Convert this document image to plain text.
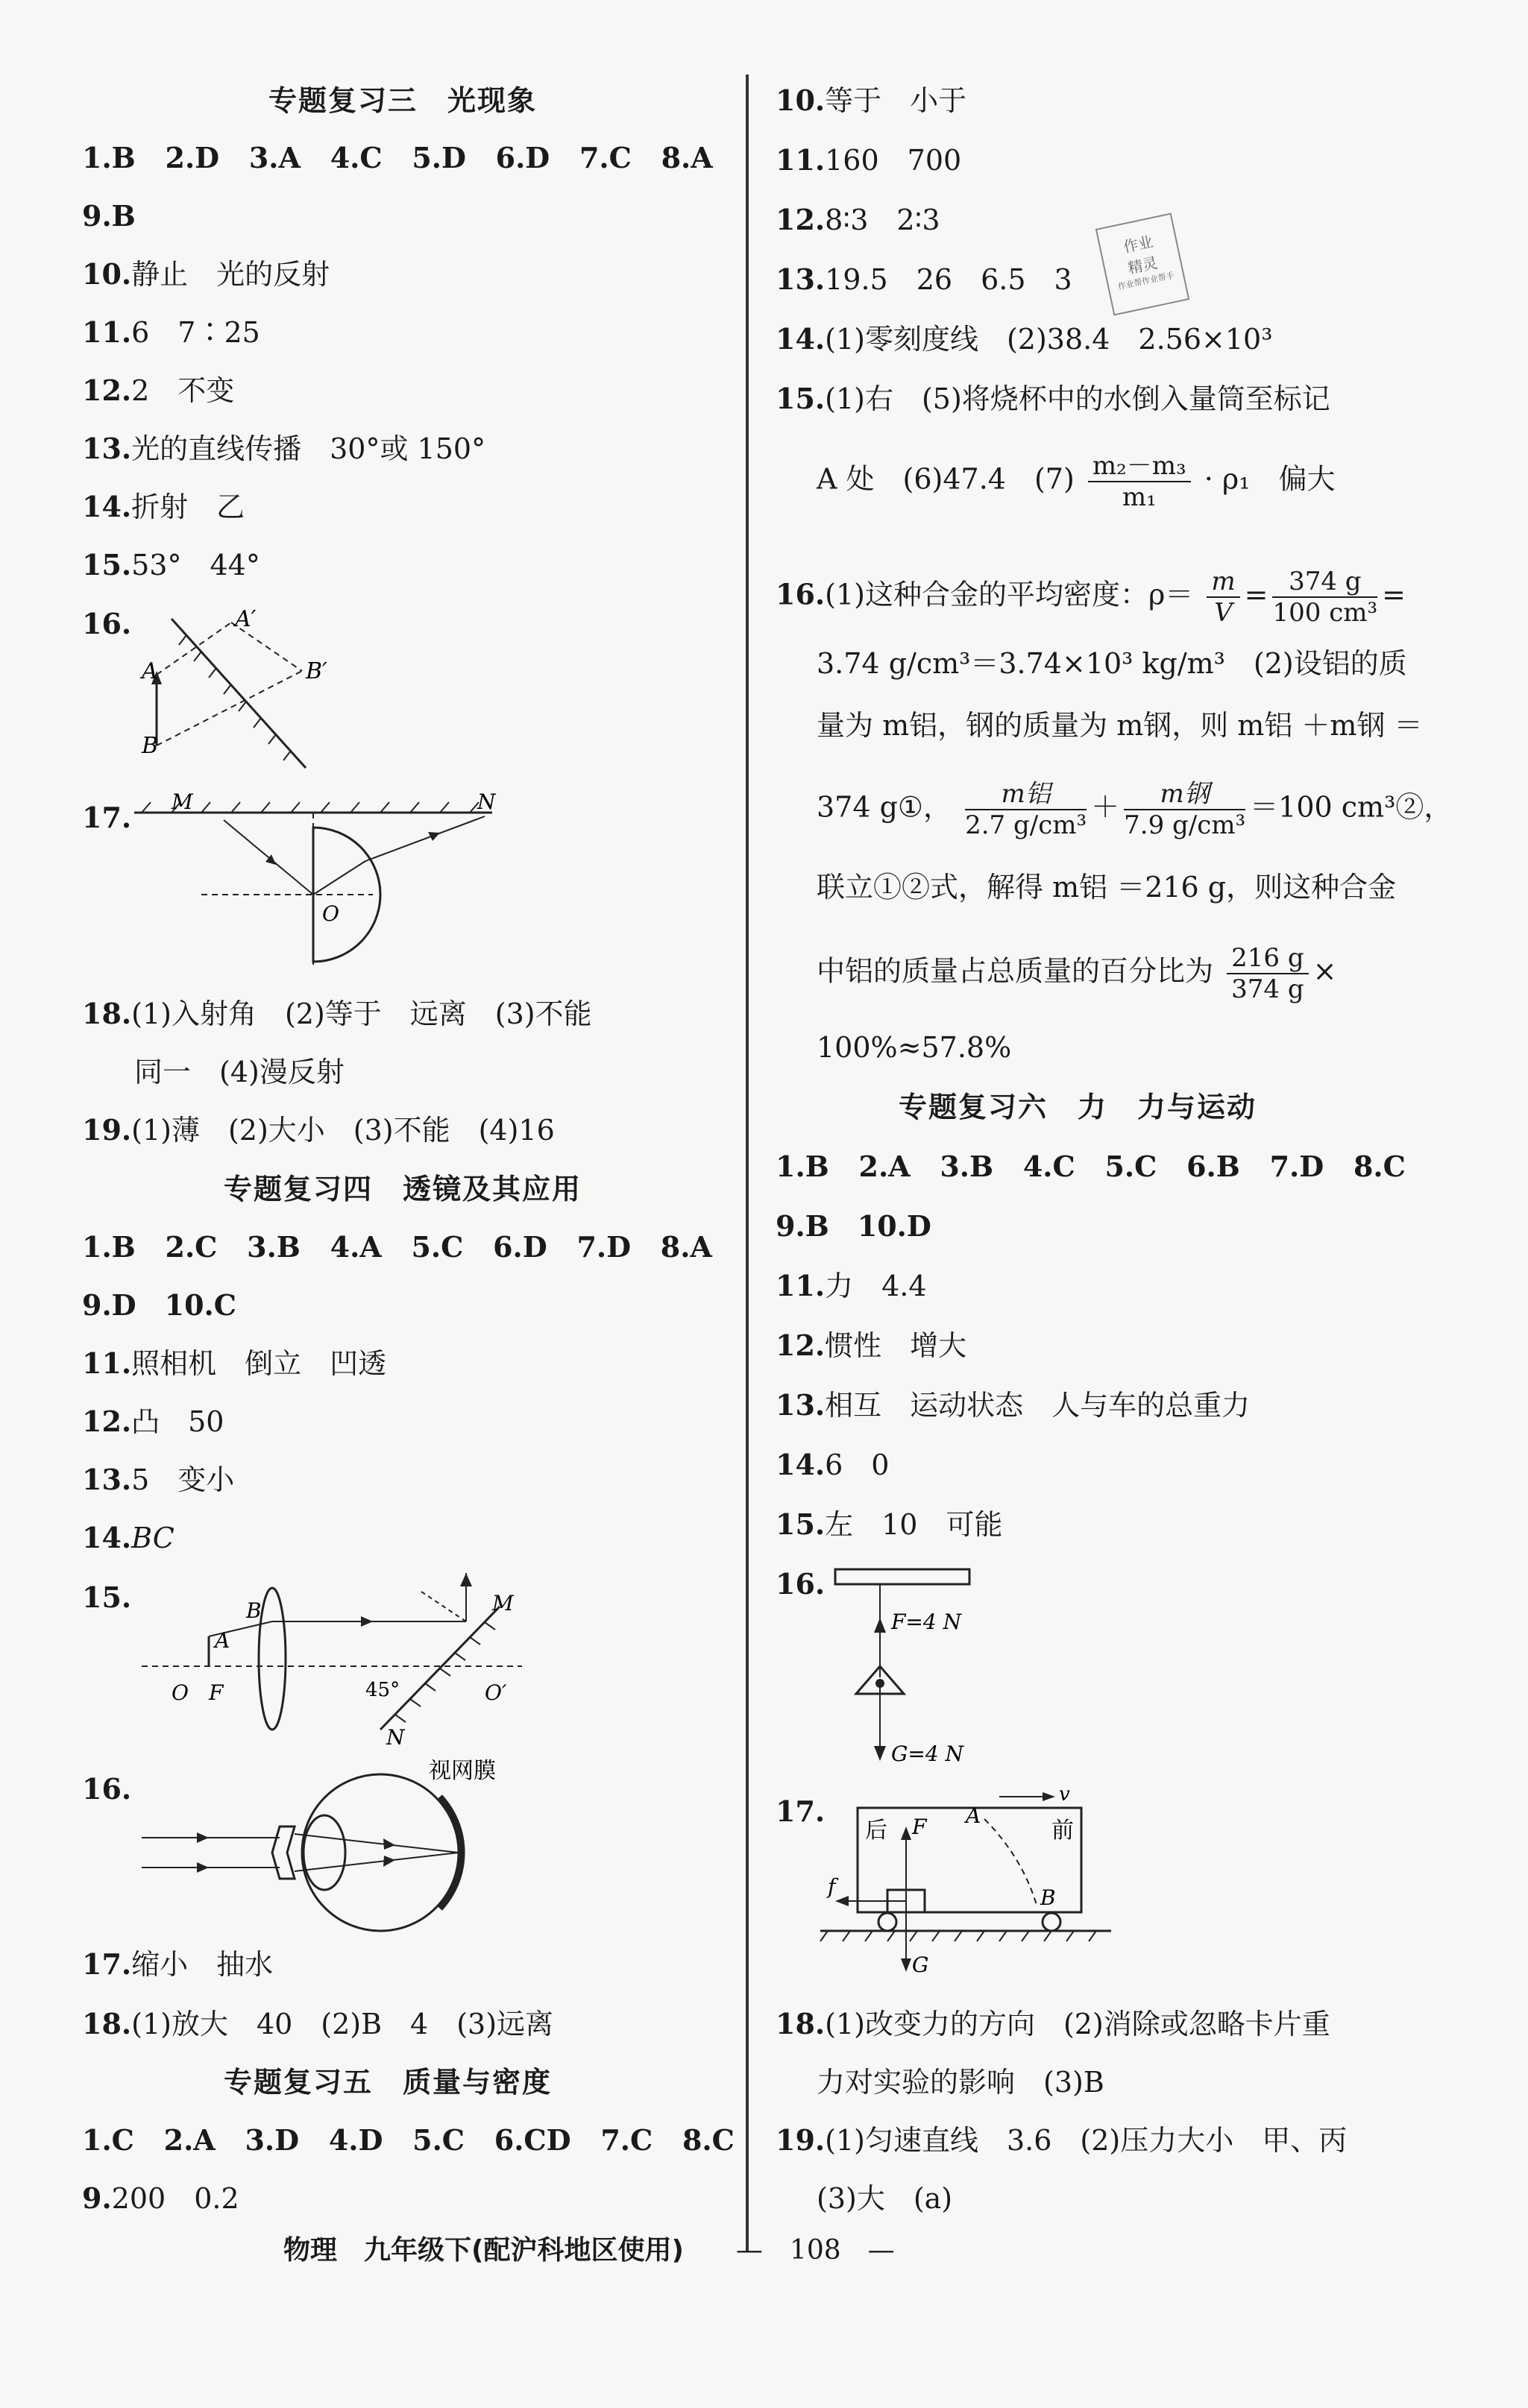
专题复习三　光现象
1.B 2.D 3.A 4.C 5.D 6.D 7.C 8.A
9.B
10.静止　光的反射
11.6　7∶25
12.2　不变
13.光的直线传播　30°或 150°
14.折射　乙
15.53°　44°
16.
A
B
A′
B′
17. M	N
O
18.(1)入射角　(2)等于　远离　(3)不能
同一　(4)漫反射
19.(1)薄　(2)大小　(3)不能　(4)16
专题复习四　透镜及其应用
1.B 2.C 3.B 4.A 5.C 6.D 7.D 8.A
9.D　10.C
11.照相机　倒立　凹透
12.凸　50
13.5　变小
14.BC
15.
O F
A
B	M
N
O′
45°
16.
视网膜
17.缩小　抽水
18.(1)放大　40　(2)B　4　(3)远离
专题复习五　质量与密度
1.C 2.A 3.D 4.D 5.C 6.CD 7.C 8.C
9.200　0.2
作业
精灵
作业帮作业帮手
10.等于　小于
11.160　700
12.8∶3　2∶3
13.19.5　26　6.5　3
14.(1)零刻度线　(2)38.4　2.56×10³
15.(1)右　(5)将烧杯中的水倒入量筒至标记
A 处　(6)47.4　$(7) \frac{\text{m₂－m₃}}{\text{m₁}} \cdot \rho_1$　偏大
16.(1)这种合金的平均密度：$\rho= \frac{m}{V} = \frac{374 g}{\text{100 cm³}}$ =
3.74 g/cm³＝3.74×10³ kg/m³　(2)设铝的质
量为 m铝，钢的质量为 m钢，则 m铝 ＋m钢 ＝
374 g①， $\frac{\text{m铝}}{\text{2.7 g/cm³}} + \frac{\text{m钢}}{\text{7.9 g/cm³}} =100$ cm³②，
联立①②式，解得 m铝 ＝216 g，则这种合金
中铝的质量占总质量的百分比为 $\frac{216 g}{374 g}$ ×
100%≈57.8%
专题复习六　力　力与运动
1.B 2.A 3.B 4.C 5.C 6.B 7.D 8.C
9.B　10.D
11.力　4.4
12.惯性　增大
13.相互　运动状态　人与车的总重力
14.6　0
15.左　10　可能
16.
F=4 N
G=4 N
17.
后	前
F
f
G
A
B
v
18.(1)改变力的方向　(2)消除或忽略卡片重
力对实验的影响　(3)B
19.(1)匀速直线　3.6　(2)压力大小　甲、丙
(3)大　(a)
物理　九年级下(配沪科地区使用) —　108　—
